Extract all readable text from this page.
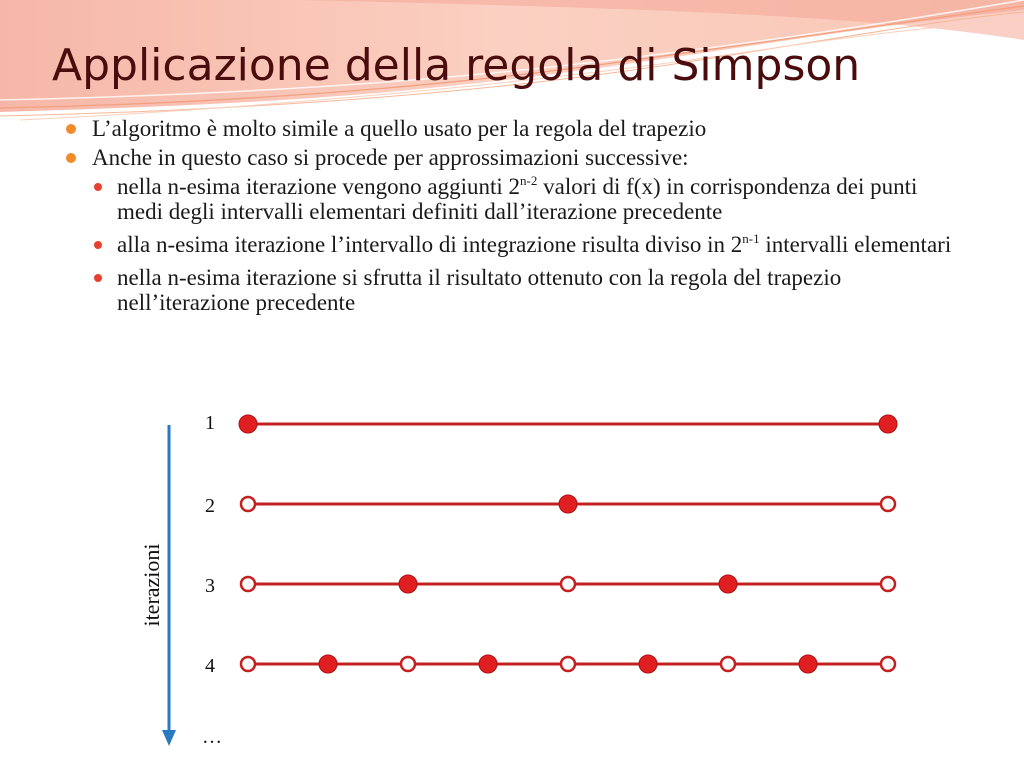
Applicazione della regola di Simpson
L’algoritmo è molto simile a quello usato per la regola del trapezio
Anche in questo caso si procede per approssimazioni successive:
nella n-esima iterazione vengono aggiunti 2$^{n-2}$ valori di f(x) in corrispondenza dei punti medi degli intervalli elementari definiti dall’iterazione precedente
alla n-esima iterazione l’intervallo di integrazione risulta diviso in 2$^{n-1}$ intervalli elementari
nella n-esima iterazione si sfrutta il risultato ottenuto con la regola del trapezio nell’iterazione precedente
iterazioni
1
2
3
4
…
